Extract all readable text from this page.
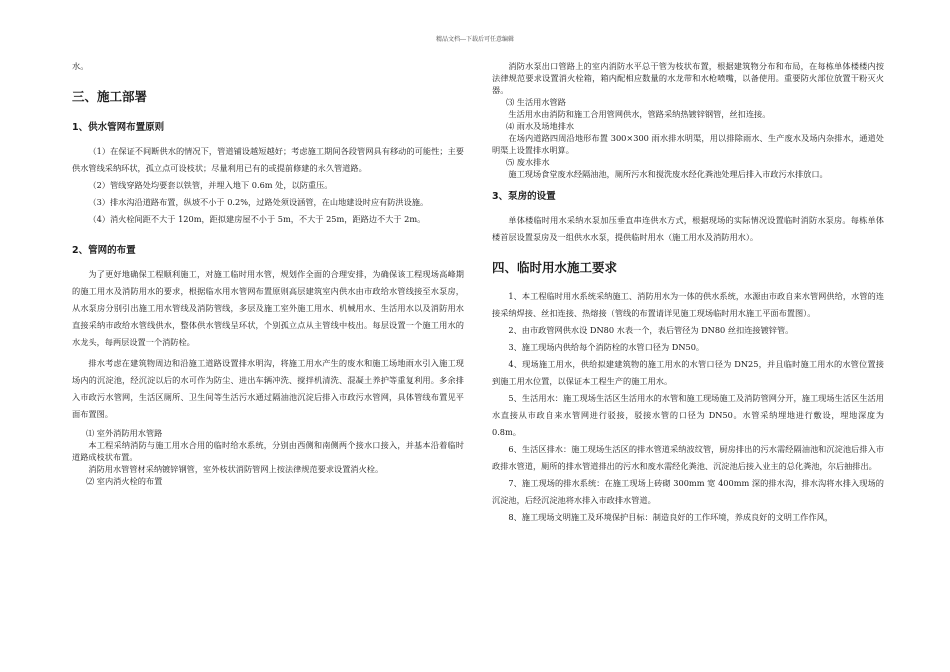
精品文档---下载后可任意编辑

水。

三、施工部署
1、供水管网布置原则

（1）在保证不间断供水的情况下，管道铺设越短越好；考虑施工期间各段管网具有移动的可能性；主要供水管线采纳环状，孤立点可设枝状；尽量利用已有的或提前修建的永久管道路。

（2）管线穿路处均要套以铁管，并埋入地下 0.6m 处，以防重压。

（3）排水沟沿道路布置，纵坡不小于 0.2%，过路处须设涵管，在山地建设时应有防洪设施。

（4）消火栓间距不大于 120m，距拟建房屋不小于 5m，不大于 25m，距路边不大于 2m。

2、管网的布置

为了更好地确保工程顺利施工，对施工临时用水管，规划作全面的合理安排，为确保该工程现场高峰期的施工用水及消防用水的要求，根据临水用水管网布置原则高层建筑室内供水由市政给水管线接至水泵房，从水泵房分别引出施工用水管线及消防管线，多层及施工室外施工用水、机械用水、生活用水以及消防用水直接采纳市政给水管线供水，整体供水管线呈环状，个别孤立点从主管线中枝出。每层设置一个施工用水的水龙头，每两层设置一个消防栓。

排水考虑在建筑物周边和沿施工道路设置排水明沟，将施工用水产生的废水和施工场地雨水引入施工现场内的沉淀池，经沉淀以后的水可作为防尘、进出车辆冲洗、搅拌机清洗、混凝土养护等重复利用。多余排入市政污水管网，生活区厕所、卫生间等生活污水通过隔油池沉淀后排入市政污水管网，具体管线布置见平面布置图。

⑴ 室外消防用水管路

本工程采纳消防与施工用水合用的临时给水系统，分别由西侧和南侧两个接水口接入，并基本沿着临时道路成枝状布置。

消防用水管管材采纳镀锌钢管，室外枝状消防管网上按法律规范要求设置消火栓。

⑵ 室内消火栓的布置

消防水泵出口管路上的室内消防水平总干管为枝状布置，根据建筑物分布和布局，在每栋单体楼楼内按法律规范要求设置消火栓箱，箱内配相应数量的水龙带和水枪喷嘴，以备使用。重要防火部位放置干粉灭火器。

⑶ 生活用水管路

生活用水由消防和施工合用管网供水，管路采纳热镀锌钢管，丝扣连接。

⑷ 雨水及场地排水

在场内道路四周沿地形布置 300×300 雨水排水明渠，用以排除雨水、生产废水及场内杂排水，通道处明渠上设置排水明算。

⑸ 废水排水

施工现场食堂废水经隔油池，厕所污水和搅洗废水经化粪池处理后排入市政污水排放口。

3、泵房的设置

单体楼临时用水采纳水泵加压垂直串连供水方式，根据现场的实际情况设置临时消防水泵房。每栋单体楼首层设置泵房及一组供水水泵，提供临时用水（施工用水及消防用水）。

四、临时用水施工要求

1、本工程临时用水系统采纳施工、消防用水为一体的供水系统，水源由市政自来水管网供给，水管的连接采纳焊接、丝扣连接、热熔接（管线的布置请详见施工现场临时用水施工平面布置图）。

2、由市政管网供水设 DN80 水表一个，表后管径为 DN80 丝扣连接镀锌管。

3、施工现场内供给每个消防栓的水管口径为 DN50。

4、现场施工用水，供给拟建建筑物的施工用水的水管口径为 DN25，并且临时施工用水的水管位置接到施工用水位置，以保证本工程生产的施工用水。

5、生活用水：施工现场生活区生活用水的水管和施工现场施工及消防管网分开，施工现场生活区生活用水直接从市政自来水管网进行驳接，驳接水管的口径为 DN50。水管采纳埋地进行敷设，埋地深度为 0.8m。

6、生活区排水：施工现场生活区的排水管道采纳波纹管，厨房排出的污水需经隔油池和沉淀池后排入市政排水管道，厕所的排水管道排出的污水和废水需经化粪池、沉淀池后接入业主的总化粪池，尔后抽排出。

7、施工现场的排水系统：在施工现场上砖砌 300mm 宽 400mm 深的排水沟，排水沟将水排入现场的沉淀池，后经沉淀池将水排入市政排水管道。

8、施工现场文明施工及环境保护目标：制造良好的工作环境，养成良好的文明工作作风，
